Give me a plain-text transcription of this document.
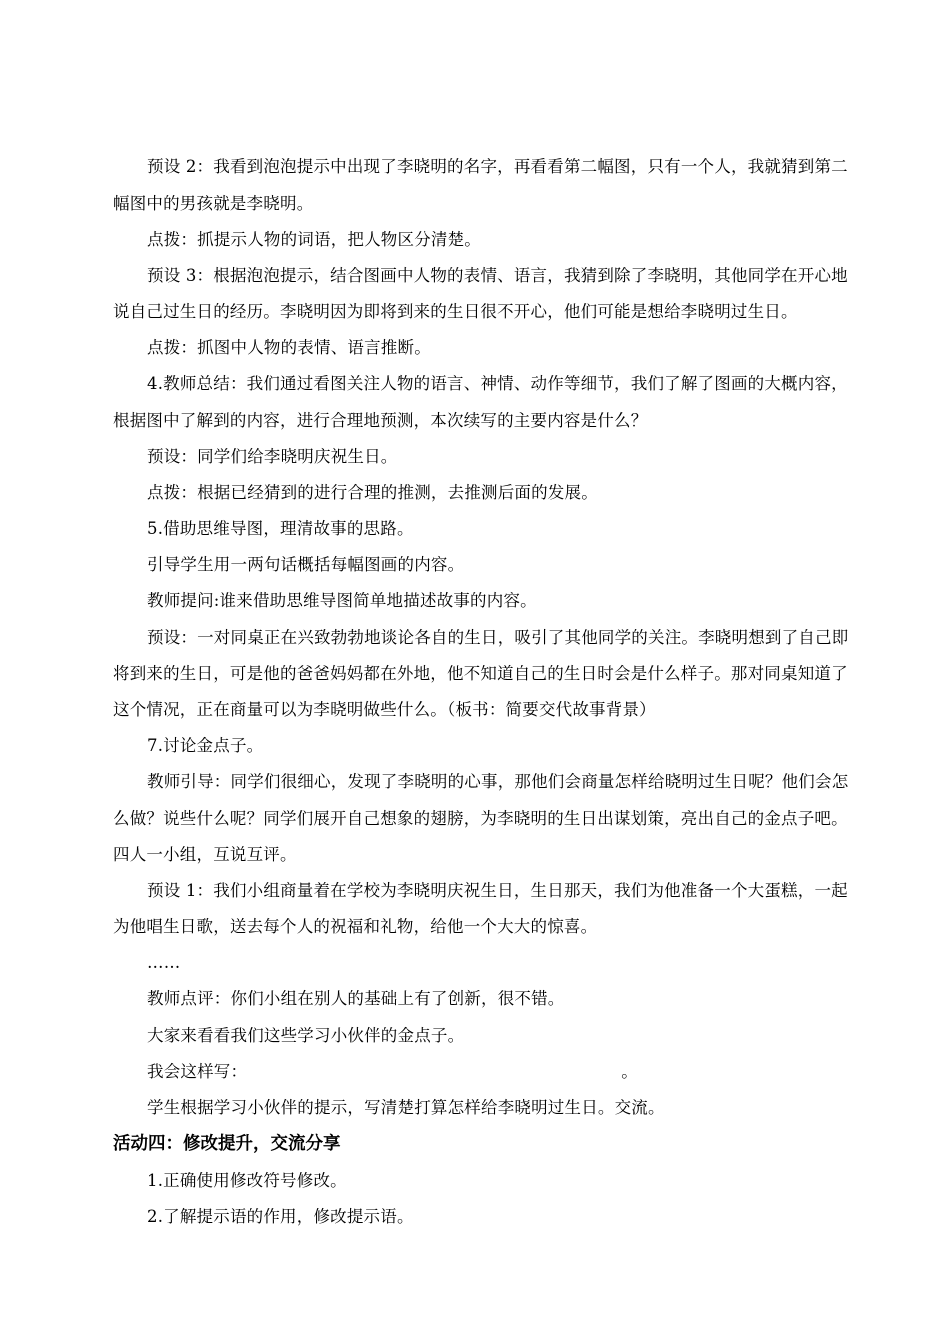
预设 2：我看到泡泡提示中出现了李晓明的名字，再看看第二幅图，只有一个人，我就猜到第二
幅图中的男孩就是李晓明。
点拨：抓提示人物的词语，把人物区分清楚。
预设 3：根据泡泡提示，结合图画中人物的表情、语言，我猜到除了李晓明，其他同学在开心地
说自己过生日的经历。李晓明因为即将到来的生日很不开心，他们可能是想给李晓明过生日。
点拨：抓图中人物的表情、语言推断。
4.教师总结：我们通过看图关注人物的语言、神情、动作等细节，我们了解了图画的大概内容，
根据图中了解到的内容，进行合理地预测，本次续写的主要内容是什么？
预设：同学们给李晓明庆祝生日。
点拨：根据已经猜到的进行合理的推测，去推测后面的发展。
5.借助思维导图，理清故事的思路。
引导学生用一两句话概括每幅图画的内容。
教师提问:谁来借助思维导图简单地描述故事的内容。
预设：一对同桌正在兴致勃勃地谈论各自的生日，吸引了其他同学的关注。李晓明想到了自己即
将到来的生日，可是他的爸爸妈妈都在外地，他不知道自己的生日时会是什么样子。那对同桌知道了
这个情况，正在商量可以为李晓明做些什么。（板书：简要交代故事背景）
7.讨论金点子。
教师引导：同学们很细心，发现了李晓明的心事，那他们会商量怎样给晓明过生日呢？他们会怎
么做？说些什么呢？同学们展开自己想象的翅膀，为李晓明的生日出谋划策，亮出自己的金点子吧。
四人一小组，互说互评。
预设 1：我们小组商量着在学校为李晓明庆祝生日，生日那天，我们为他准备一个大蛋糕，一起
为他唱生日歌，送去每个人的祝福和礼物，给他一个大大的惊喜。
……
教师点评：你们小组在别人的基础上有了创新，很不错。
大家来看看我们这些学习小伙伴的金点子。
我会这样写：	。
学生根据学习小伙伴的提示，写清楚打算怎样给李晓明过生日。交流。
活动四：修改提升，交流分享
1.正确使用修改符号修改。
2.了解提示语的作用，修改提示语。
